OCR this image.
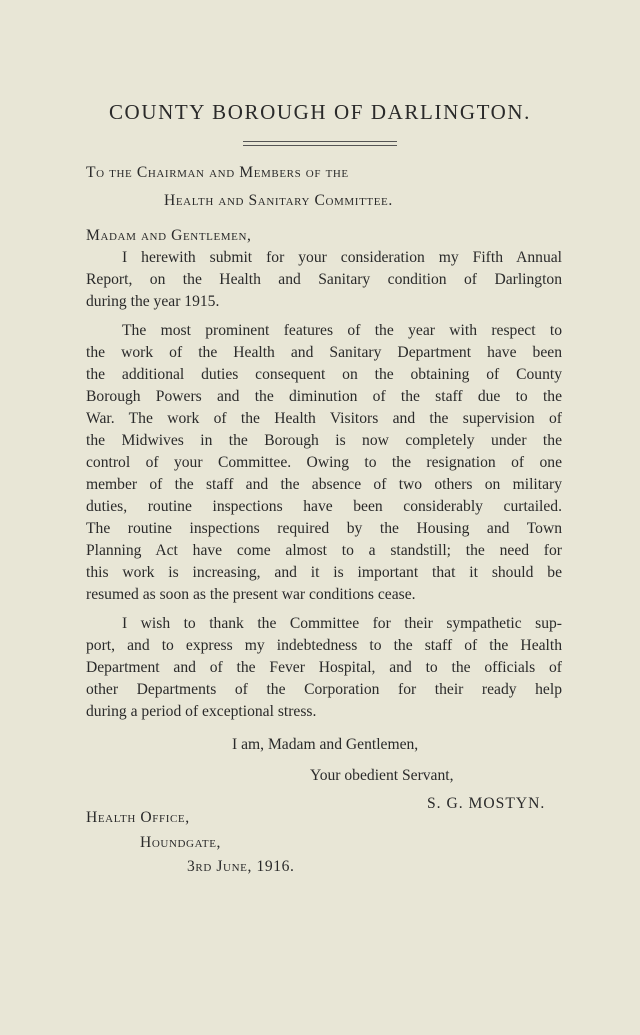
COUNTY BOROUGH OF DARLINGTON.
To the Chairman and Members of the
Health and Sanitary Committee.
Madam and Gentlemen,
I herewith submit for your consideration my Fifth Annual
Report, on the Health and Sanitary condition of Darlington
during the year 1915.
The most prominent features of the year with respect to
the work of the Health and Sanitary Department have been
the additional duties consequent on the obtaining of County
Borough Powers and the diminution of the staff due to the
War. The work of the Health Visitors and the supervision of
the Midwives in the Borough is now completely under the
control of your Committee. Owing to the resignation of one
member of the staff and the absence of two others on military
duties, routine inspections have been considerably curtailed.
The routine inspections required by the Housing and Town
Planning Act have come almost to a standstill; the need for
this work is increasing, and it is important that it should be
resumed as soon as the present war conditions cease.
I wish to thank the Committee for their sympathetic sup-
port, and to express my indebtedness to the staff of the Health
Department and of the Fever Hospital, and to the officials of
other Departments of the Corporation for their ready help
during a period of exceptional stress.
I am, Madam and Gentlemen,
Your obedient Servant,
S. G. MOSTYN.
Health Office,
Houndgate,
3rd June, 1916.
